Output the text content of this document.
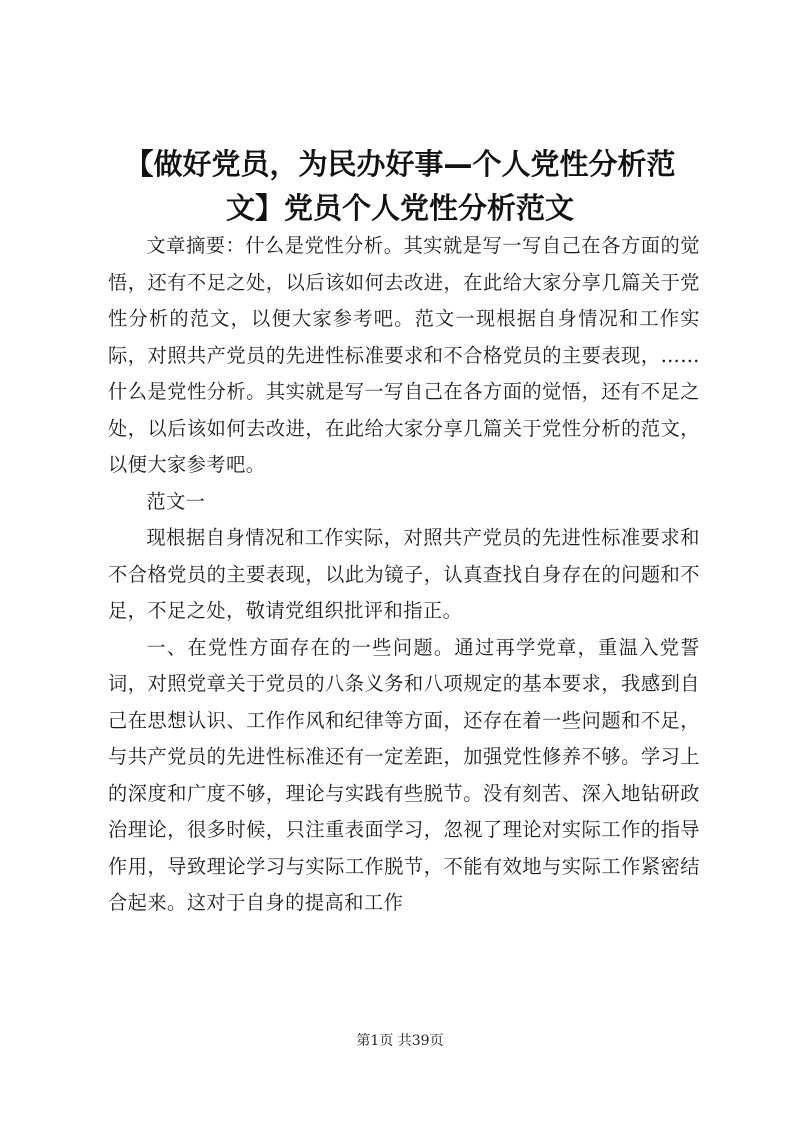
【做好党员，为民办好事—个人党性分析范文】党员个人党性分析范文

文章摘要：什么是党性分析。其实就是写一写自己在各方面的觉悟，还有不足之处，以后该如何去改进，在此给大家分享几篇关于党性分析的范文，以便大家参考吧。范文一现根据自身情况和工作实际，对照共产党员的先进性标准要求和不合格党员的主要表现，……什么是党性分析。其实就是写一写自己在各方面的觉悟，还有不足之处，以后该如何去改进，在此给大家分享几篇关于党性分析的范文，以便大家参考吧。

范文一

现根据自身情况和工作实际，对照共产党员的先进性标准要求和不合格党员的主要表现，以此为镜子，认真查找自身存在的问题和不足，不足之处，敬请党组织批评和指正。

一、在党性方面存在的一些问题。通过再学党章，重温入党誓词，对照党章关于党员的八条义务和八项规定的基本要求，我感到自己在思想认识、工作作风和纪律等方面，还存在着一些问题和不足，与共产党员的先进性标准还有一定差距，加强党性修养不够。学习上的深度和广度不够，理论与实践有些脱节。没有刻苦、深入地钻研政治理论，很多时候，只注重表面学习，忽视了理论对实际工作的指导作用，导致理论学习与实际工作脱节，不能有效地与实际工作紧密结合起来。这对于自身的提高和工作

第1页 共39页
